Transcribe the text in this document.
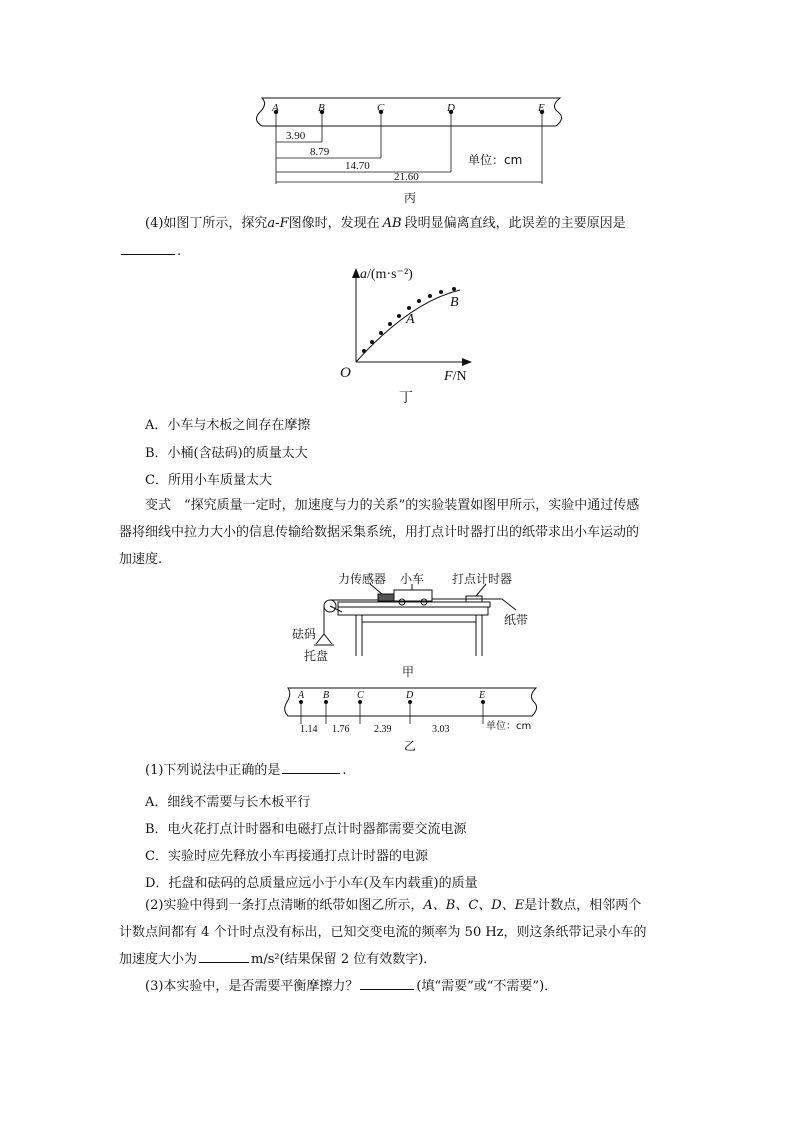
A	B	C	D	E
3.90
8.79
14.70
21.60
单位：cm
丙
(4)如图丁所示，探究a-F图像时，发现在 AB 段明显偏离直线，此误差的主要原因是
.
a/(m·s⁻²)
O	F/N
A
B
丁
A．小车与木板之间存在摩擦
B．小桶(含砝码)的质量太大
C．所用小车质量太大
变式　“探究质量一定时，加速度与力的关系”的实验装置如图甲所示，实验中通过传感
器将细线中拉力大小的信息传输给数据采集系统，用打点计时器打出的纸带求出小车运动的
加速度.
砝码
托盘
力传感器 小车 打点计时器
纸带
甲
A B	C	D	E
1.14 1.76 2.39	3.03	单位：cm
乙
(1)下列说法中正确的是	.
A．细线不需要与长木板平行
B．电火花打点计时器和电磁打点计时器都需要交流电源
C．实验时应先释放小车再接通打点计时器的电源
D．托盘和砝码的总质量应远小于小车(及车内载重)的质量
(2)实验中得到一条打点清晰的纸带如图乙所示，A、B、C、D、E是计数点，相邻两个
计数点间都有 4 个计时点没有标出，已知交变电流的频率为 50 Hz，则这条纸带记录小车的
加速度大小为	m/s²(结果保留 2 位有效数字)．
(3)本实验中，是否需要平衡摩擦力？	(填“需要”或“不需要”)．
